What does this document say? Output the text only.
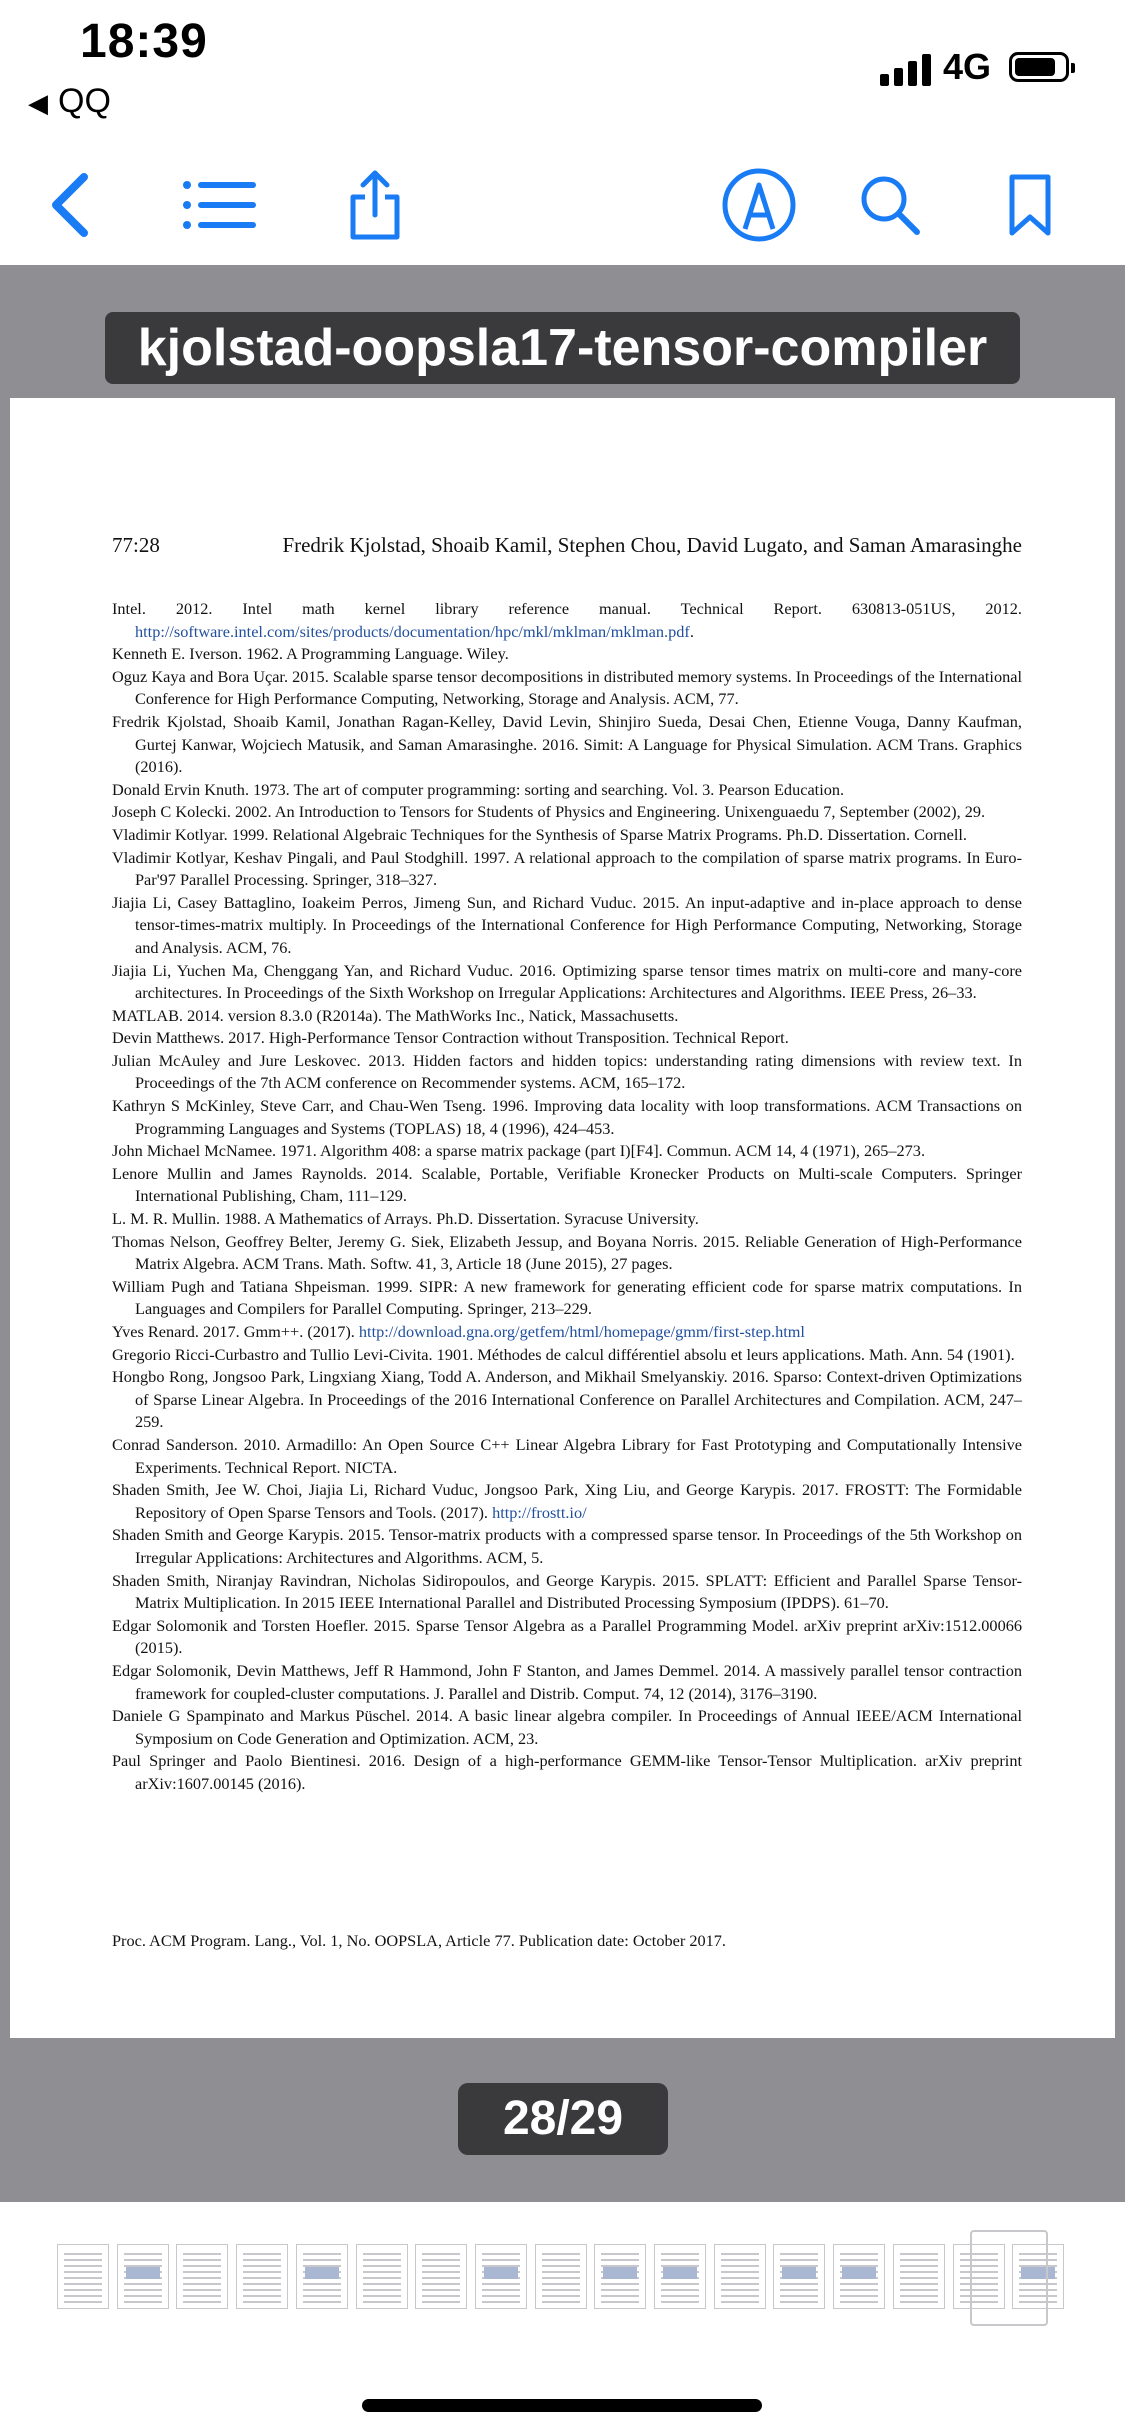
18:39
◀ QQ
4G
kjolstad-oopsla17-tensor-compiler
77:28	Fredrik Kjolstad, Shoaib Kamil, Stephen Chou, David Lugato, and Saman Amarasinghe
Intel. 2012. Intel math kernel library reference manual. Technical Report. 630813-051US, 2012. http://software.intel.com/sites/products/documentation/hpc/mkl/mklman/mklman.pdf.
Kenneth E. Iverson. 1962. A Programming Language. Wiley.
Oguz Kaya and Bora Uçar. 2015. Scalable sparse tensor decompositions in distributed memory systems. In Proceedings of the International Conference for High Performance Computing, Networking, Storage and Analysis. ACM, 77.
Fredrik Kjolstad, Shoaib Kamil, Jonathan Ragan-Kelley, David Levin, Shinjiro Sueda, Desai Chen, Etienne Vouga, Danny Kaufman, Gurtej Kanwar, Wojciech Matusik, and Saman Amarasinghe. 2016. Simit: A Language for Physical Simulation. ACM Trans. Graphics (2016).
Donald Ervin Knuth. 1973. The art of computer programming: sorting and searching. Vol. 3. Pearson Education.
Joseph C Kolecki. 2002. An Introduction to Tensors for Students of Physics and Engineering. Unixenguaedu 7, September (2002), 29.
Vladimir Kotlyar. 1999. Relational Algebraic Techniques for the Synthesis of Sparse Matrix Programs. Ph.D. Dissertation. Cornell.
Vladimir Kotlyar, Keshav Pingali, and Paul Stodghill. 1997. A relational approach to the compilation of sparse matrix programs. In Euro-Par'97 Parallel Processing. Springer, 318–327.
Jiajia Li, Casey Battaglino, Ioakeim Perros, Jimeng Sun, and Richard Vuduc. 2015. An input-adaptive and in-place approach to dense tensor-times-matrix multiply. In Proceedings of the International Conference for High Performance Computing, Networking, Storage and Analysis. ACM, 76.
Jiajia Li, Yuchen Ma, Chenggang Yan, and Richard Vuduc. 2016. Optimizing sparse tensor times matrix on multi-core and many-core architectures. In Proceedings of the Sixth Workshop on Irregular Applications: Architectures and Algorithms. IEEE Press, 26–33.
MATLAB. 2014. version 8.3.0 (R2014a). The MathWorks Inc., Natick, Massachusetts.
Devin Matthews. 2017. High-Performance Tensor Contraction without Transposition. Technical Report.
Julian McAuley and Jure Leskovec. 2013. Hidden factors and hidden topics: understanding rating dimensions with review text. In Proceedings of the 7th ACM conference on Recommender systems. ACM, 165–172.
Kathryn S McKinley, Steve Carr, and Chau-Wen Tseng. 1996. Improving data locality with loop transformations. ACM Transactions on Programming Languages and Systems (TOPLAS) 18, 4 (1996), 424–453.
John Michael McNamee. 1971. Algorithm 408: a sparse matrix package (part I)[F4]. Commun. ACM 14, 4 (1971), 265–273.
Lenore Mullin and James Raynolds. 2014. Scalable, Portable, Verifiable Kronecker Products on Multi-scale Computers. Springer International Publishing, Cham, 111–129.
L. M. R. Mullin. 1988. A Mathematics of Arrays. Ph.D. Dissertation. Syracuse University.
Thomas Nelson, Geoffrey Belter, Jeremy G. Siek, Elizabeth Jessup, and Boyana Norris. 2015. Reliable Generation of High-Performance Matrix Algebra. ACM Trans. Math. Softw. 41, 3, Article 18 (June 2015), 27 pages.
William Pugh and Tatiana Shpeisman. 1999. SIPR: A new framework for generating efficient code for sparse matrix computations. In Languages and Compilers for Parallel Computing. Springer, 213–229.
Yves Renard. 2017. Gmm++. (2017). http://download.gna.org/getfem/html/homepage/gmm/first-step.html
Gregorio Ricci-Curbastro and Tullio Levi-Civita. 1901. Méthodes de calcul différentiel absolu et leurs applications. Math. Ann. 54 (1901).
Hongbo Rong, Jongsoo Park, Lingxiang Xiang, Todd A. Anderson, and Mikhail Smelyanskiy. 2016. Sparso: Context-driven Optimizations of Sparse Linear Algebra. In Proceedings of the 2016 International Conference on Parallel Architectures and Compilation. ACM, 247–259.
Conrad Sanderson. 2010. Armadillo: An Open Source C++ Linear Algebra Library for Fast Prototyping and Computationally Intensive Experiments. Technical Report. NICTA.
Shaden Smith, Jee W. Choi, Jiajia Li, Richard Vuduc, Jongsoo Park, Xing Liu, and George Karypis. 2017. FROSTT: The Formidable Repository of Open Sparse Tensors and Tools. (2017). http://frostt.io/
Shaden Smith and George Karypis. 2015. Tensor-matrix products with a compressed sparse tensor. In Proceedings of the 5th Workshop on Irregular Applications: Architectures and Algorithms. ACM, 5.
Shaden Smith, Niranjay Ravindran, Nicholas Sidiropoulos, and George Karypis. 2015. SPLATT: Efficient and Parallel Sparse Tensor-Matrix Multiplication. In 2015 IEEE International Parallel and Distributed Processing Symposium (IPDPS). 61–70.
Edgar Solomonik and Torsten Hoefler. 2015. Sparse Tensor Algebra as a Parallel Programming Model. arXiv preprint arXiv:1512.00066 (2015).
Edgar Solomonik, Devin Matthews, Jeff R Hammond, John F Stanton, and James Demmel. 2014. A massively parallel tensor contraction framework for coupled-cluster computations. J. Parallel and Distrib. Comput. 74, 12 (2014), 3176–3190.
Daniele G Spampinato and Markus Püschel. 2014. A basic linear algebra compiler. In Proceedings of Annual IEEE/ACM International Symposium on Code Generation and Optimization. ACM, 23.
Paul Springer and Paolo Bientinesi. 2016. Design of a high-performance GEMM-like Tensor-Tensor Multiplication. arXiv preprint arXiv:1607.00145 (2016).
Proc. ACM Program. Lang., Vol. 1, No. OOPSLA, Article 77. Publication date: October 2017.
28/29
